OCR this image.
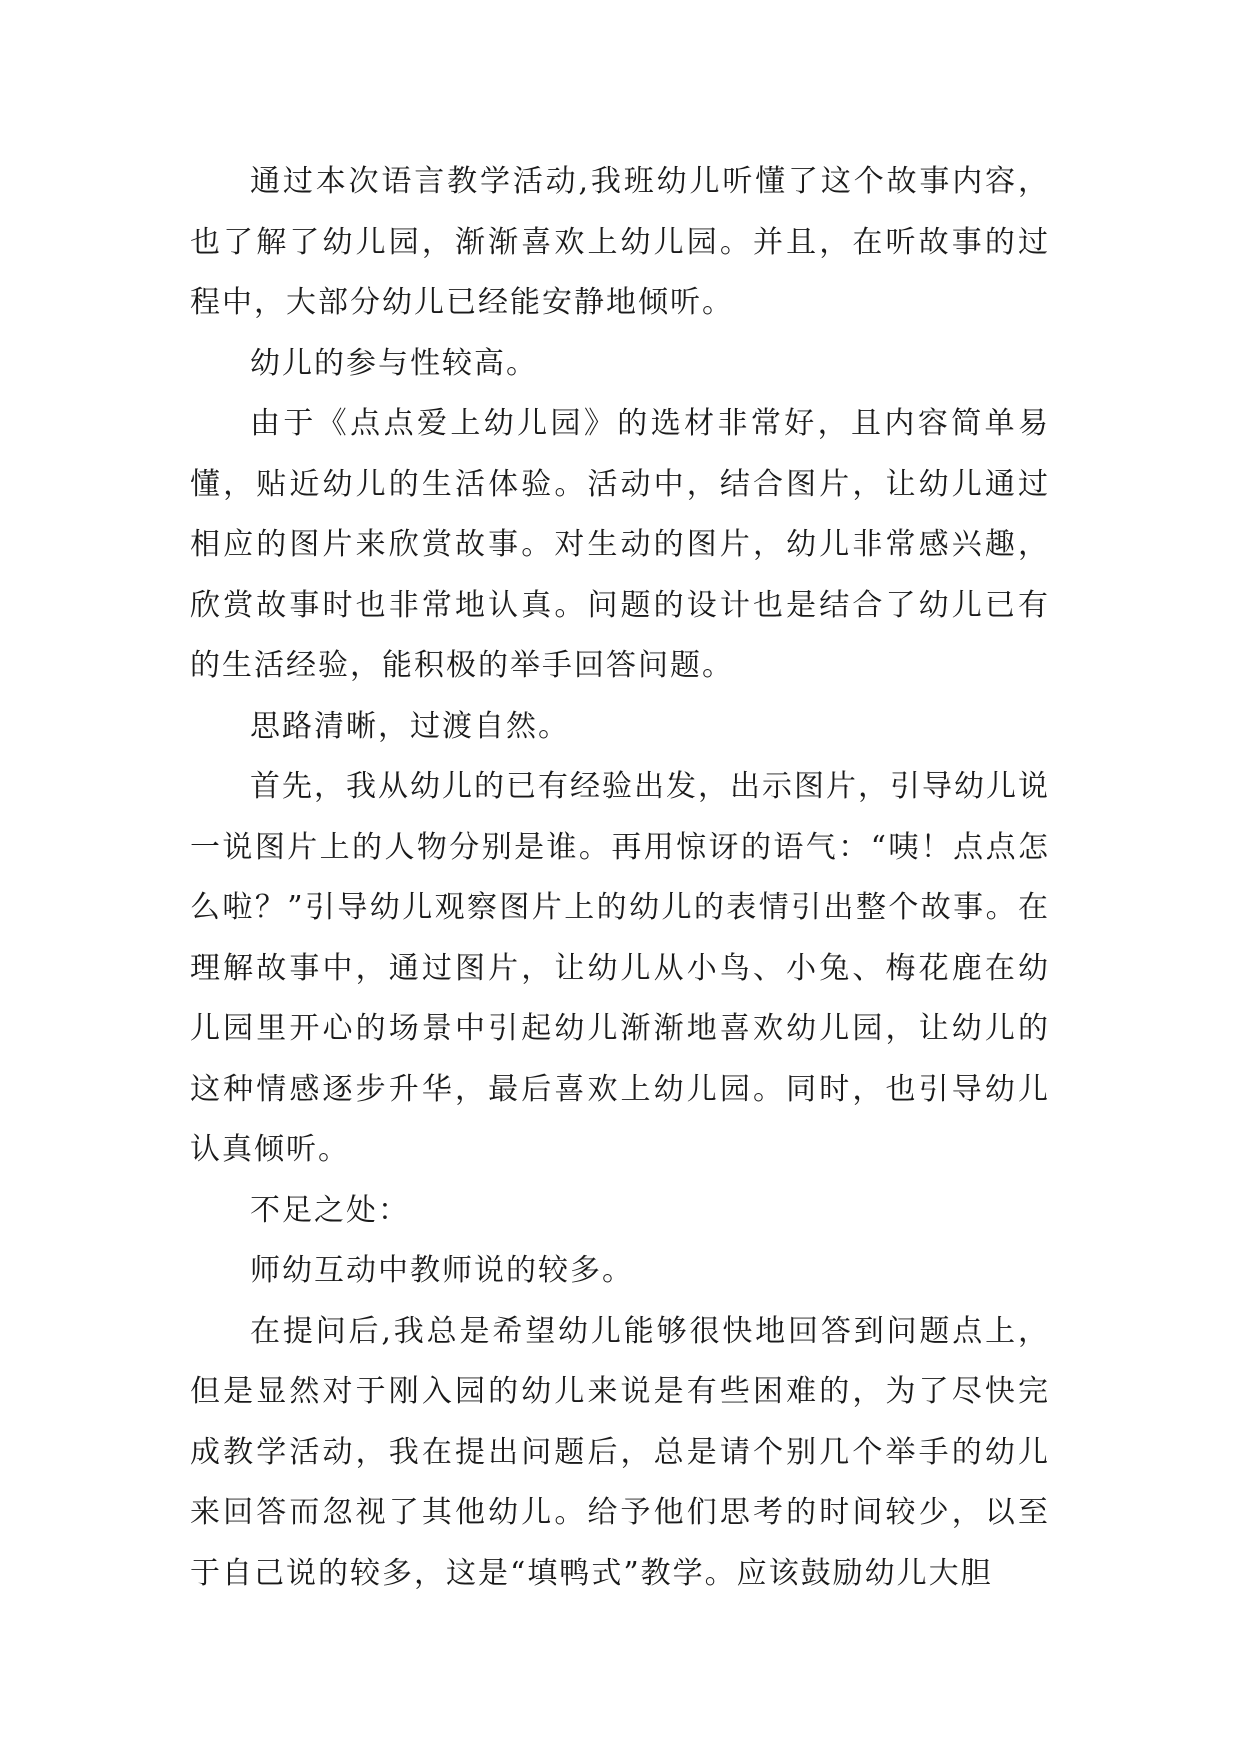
通过本次语言教学活动,我班幼儿听懂了这个故事内容，也了解了幼儿园，渐渐喜欢上幼儿园。并且，在听故事的过程中，大部分幼儿已经能安静地倾听。

幼儿的参与性较高。

由于《点点爱上幼儿园》的选材非常好，且内容简单易懂，贴近幼儿的生活体验。活动中，结合图片，让幼儿通过相应的图片来欣赏故事。对生动的图片，幼儿非常感兴趣，欣赏故事时也非常地认真。问题的设计也是结合了幼儿已有的生活经验，能积极的举手回答问题。

思路清晰，过渡自然。

首先，我从幼儿的已有经验出发，出示图片，引导幼儿说一说图片上的人物分别是谁。再用惊讶的语气：“咦！点点怎么啦？”引导幼儿观察图片上的幼儿的表情引出整个故事。在理解故事中，通过图片，让幼儿从小鸟、小兔、梅花鹿在幼儿园里开心的场景中引起幼儿渐渐地喜欢幼儿园，让幼儿的这种情感逐步升华，最后喜欢上幼儿园。同时，也引导幼儿认真倾听。

不足之处：

师幼互动中教师说的较多。

在提问后,我总是希望幼儿能够很快地回答到问题点上，但是显然对于刚入园的幼儿来说是有些困难的，为了尽快完成教学活动，我在提出问题后，总是请个别几个举手的幼儿来回答而忽视了其他幼儿。给予他们思考的时间较少，以至于自己说的较多，这是“填鸭式”教学。应该鼓励幼儿大胆
